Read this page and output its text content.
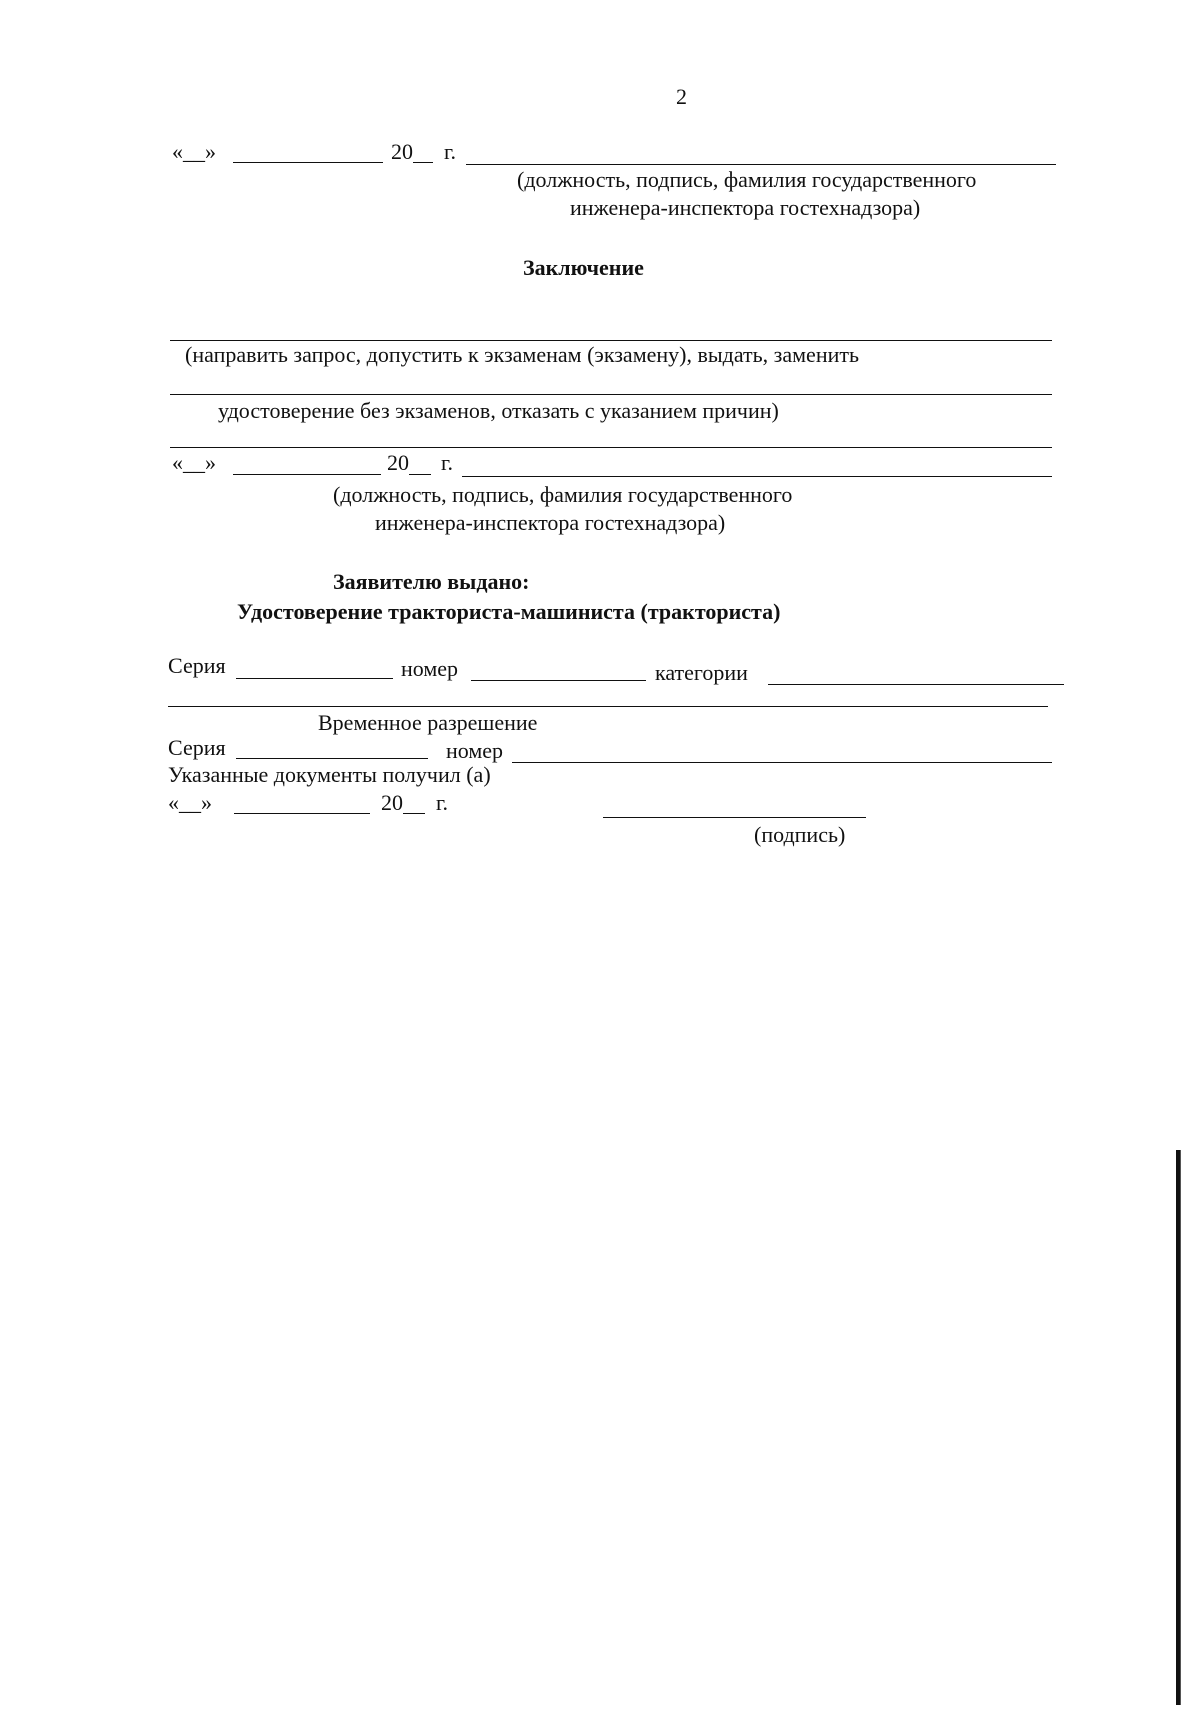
2
«__»	20 г.
(должность, подпись, фамилия государственного
инженера-инспектора гостехнадзора)
Заключение
(направить запрос, допустить к экзаменам (экзамену), выдать, заменить
удостоверение без экзаменов, отказать с указанием причин)
«__»	20 г.
(должность, подпись, фамилия государственного
инженера-инспектора гостехнадзора)
Заявителю выдано:
Удостоверение тракториста-машиниста (тракториста)
Серия	номер	категории
Временное разрешение
Серия	номер
Указанные документы получил (а)
«__»	20 г.
(подпись)
